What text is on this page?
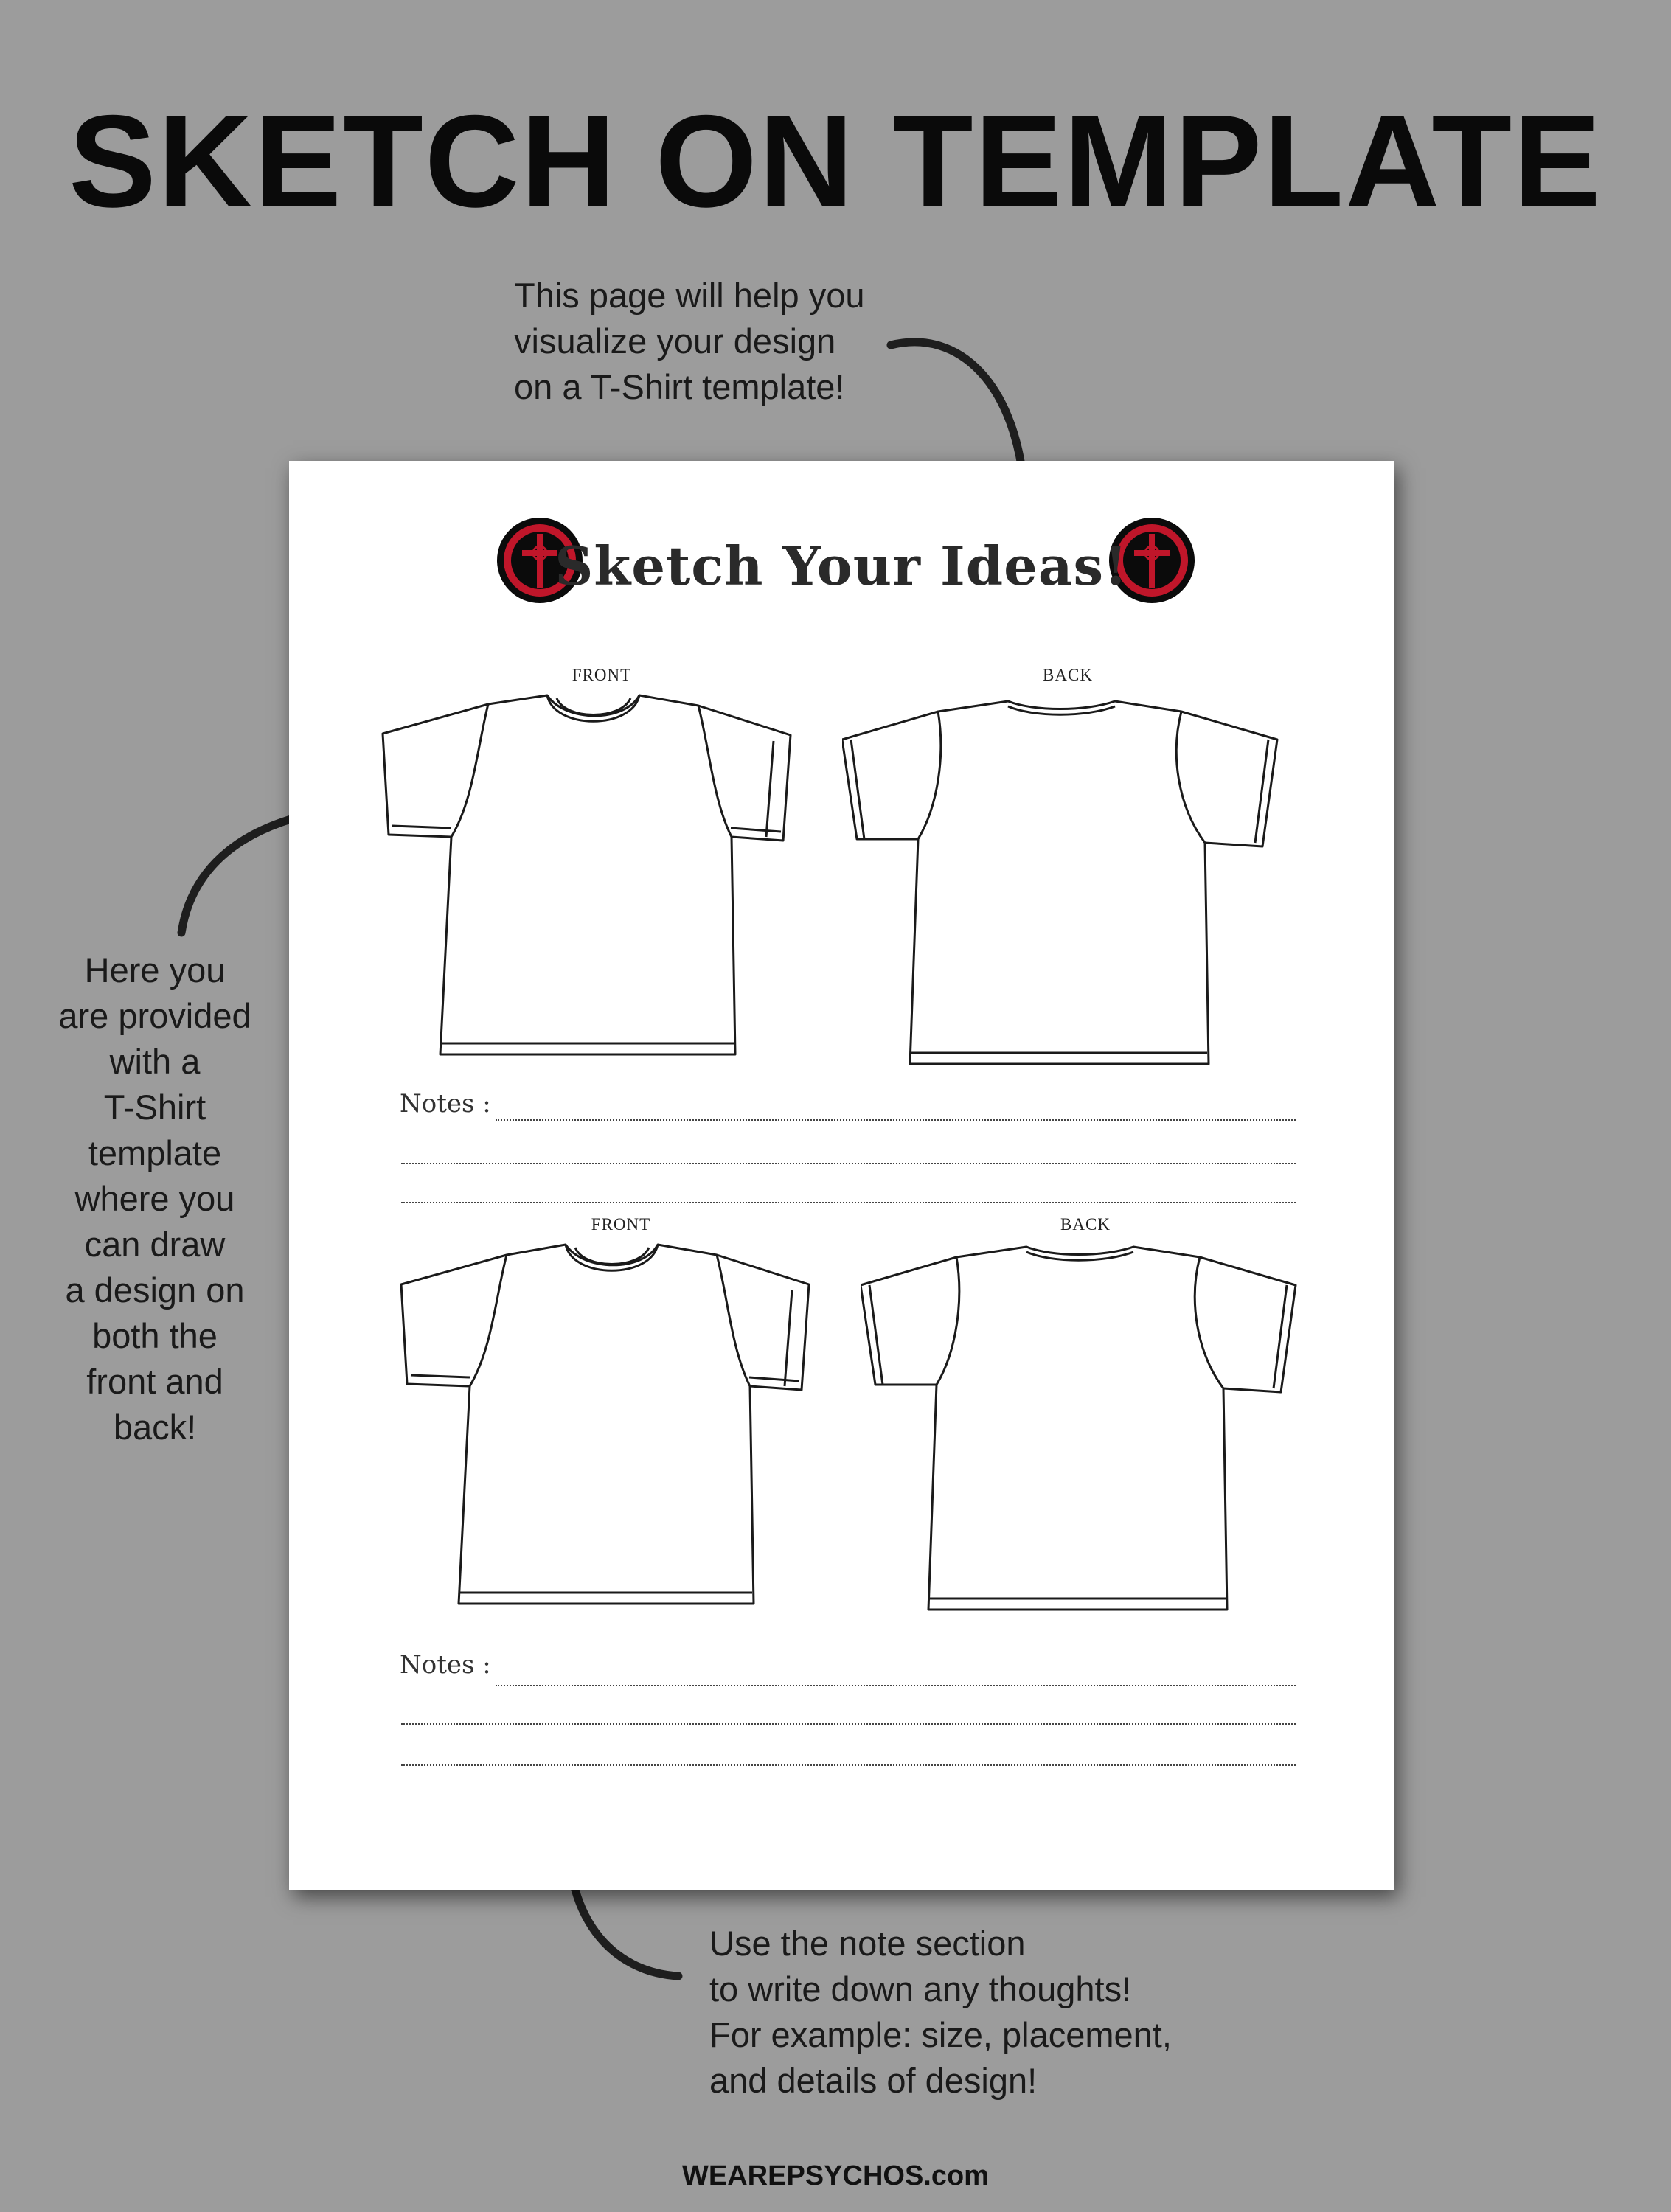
SKETCH ON TEMPLATE
This page will help you
visualize your design
on a T-Shirt template!
Here you
are provided
with a
T-Shirt
template
where you
can draw
a design on
both the
front and
back!
Use the note section
to write down any thoughts!
For example: size, placement,
and details of design!
Sketch Your Ideas!
FRONT	BACK
Notes :
FRONT	BACK
Notes :
WEAREPSYCHOS.com
